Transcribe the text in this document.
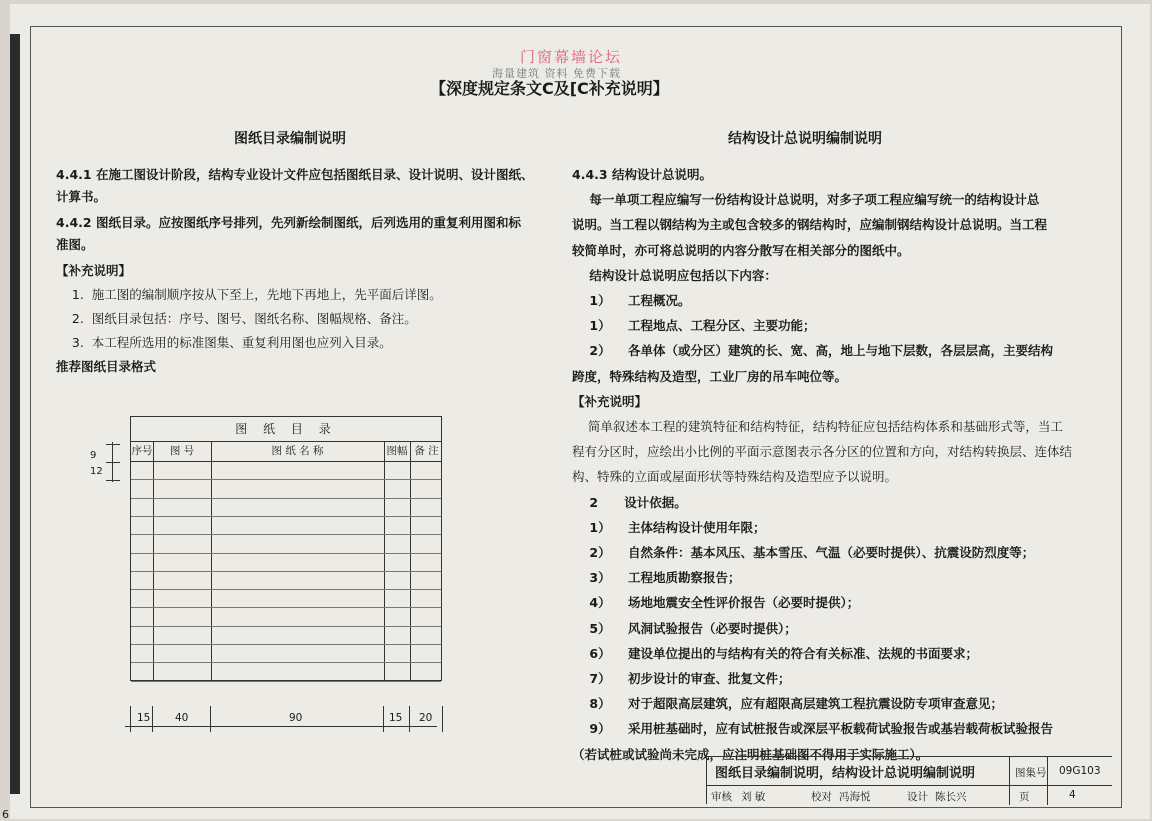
门窗幕墙论坛
海量建筑 资料 免费下载
【深度规定条文C及[C补充说明】
图纸目录编制说明
4.4.1 在施工图设计阶段，结构专业设计文件应包括图纸目录、设计说明、设计图纸、
计算书。
4.4.2 图纸目录。应按图纸序号排列，先列新绘制图纸，后列选用的重复利用图和标
准图。
【补充说明】
1.  施工图的编制顺序按从下至上，先地下再地上，先平面后详图。
2.  图纸目录包括：序号、图号、图纸名称、图幅规格、备注。
3.  本工程所选用的标准图集、重复利用图也应列入目录。
推荐图纸目录格式
结构设计总说明编制说明
4.4.3 结构设计总说明。
每一单项工程应编写一份结构设计总说明，对多子项工程应编写统一的结构设计总
说明。当工程以钢结构为主或包含较多的钢结构时，应编制钢结构设计总说明。当工程
较简单时，亦可将总说明的内容分散写在相关部分的图纸中。
结构设计总说明应包括以下内容：
1）    工程概况。
1）    工程地点、工程分区、主要功能；
2）    各单体（或分区）建筑的长、宽、高，地上与地下层数，各层层高，主要结构
跨度，特殊结构及造型，工业厂房的吊车吨位等。
【补充说明】
简单叙述本工程的建筑特征和结构特征，结构特征应包括结构体系和基础形式等，当工
程有分区时，应绘出小比例的平面示意图表示各分区的位置和方向，对结构转换层、连体结
构、特殊的立面或屋面形状等特殊结构及造型应予以说明。
2      设计依据。
1）    主体结构设计使用年限；
2）    自然条件：基本风压、基本雪压、气温（必要时提供）、抗震设防烈度等；
3）    工程地质勘察报告；
4）    场地地震安全性评价报告（必要时提供）；
5）    风洞试验报告（必要时提供）；
6）    建设单位提出的与结构有关的符合有关标准、法规的书面要求；
7）    初步设计的审查、批复文件；
8）    对于超限高层建筑，应有超限高层建筑工程抗震设防专项审查意见；
9）    采用桩基础时，应有试桩报告或深层平板载荷试验报告或基岩载荷板试验报告
（若试桩或试验尚未完成，应注明桩基础图不得用于实际施工）。
9
12
图 纸 目 录
序号	图 号	图 纸 名 称	图幅 备 注
15 40	90	15 20
图纸目录编制说明，结构设计总说明编制说明	图集号 09G103
审核 刘 敏	校对 冯海悦	设计 陈长兴	页	4
6
